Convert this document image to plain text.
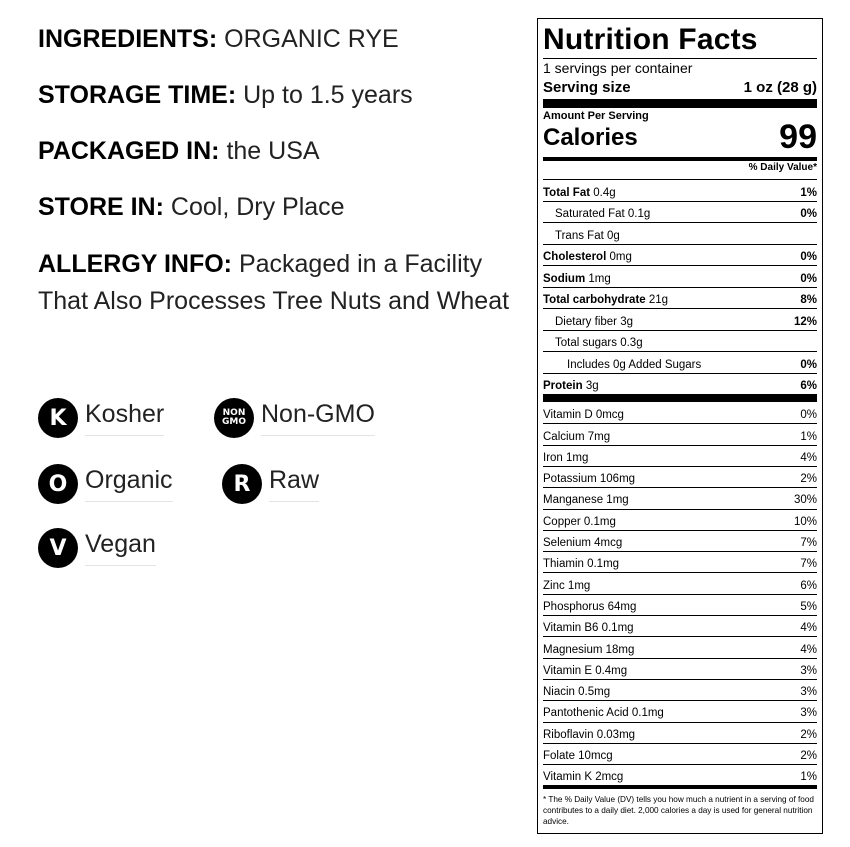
INGREDIENTS: ORGANIC RYE
STORAGE TIME: Up to 1.5 years
PACKAGED IN: the USA
STORE IN: Cool, Dry Place
ALLERGY INFO: Packaged in a Facility That Also Processes Tree Nuts and Wheat
K Kosher	NON
GMO Non-GMO
O Organic	R Raw
V Vegan
Nutrition Facts
1 servings per container
Serving size	1 oz (28 g)
Amount Per Serving
Calories	99
% Daily Value*
Total Fat 0.4g	1%
Saturated Fat 0.1g	0%
Trans Fat 0g
Cholesterol 0mg	0%
Sodium 1mg	0%
Total carbohydrate 21g	8%
Dietary fiber 3g	12%
Total sugars 0.3g
Includes 0g Added Sugars	0%
Protein 3g	6%
Vitamin D 0mcg	0%
Calcium 7mg	1%
Iron 1mg	4%
Potassium 106mg	2%
Manganese 1mg	30%
Copper 0.1mg	10%
Selenium 4mcg	7%
Thiamin 0.1mg	7%
Zinc 1mg	6%
Phosphorus 64mg	5%
Vitamin B6 0.1mg	4%
Magnesium 18mg	4%
Vitamin E 0.4mg	3%
Niacin 0.5mg	3%
Pantothenic Acid 0.1mg	3%
Riboflavin 0.03mg	2%
Folate 10mcg	2%
Vitamin K 2mcg	1%
* The % Daily Value (DV) tells you how much a nutrient in a serving of food contributes to a daily diet. 2,000 calories a day is used for general nutrition advice.
